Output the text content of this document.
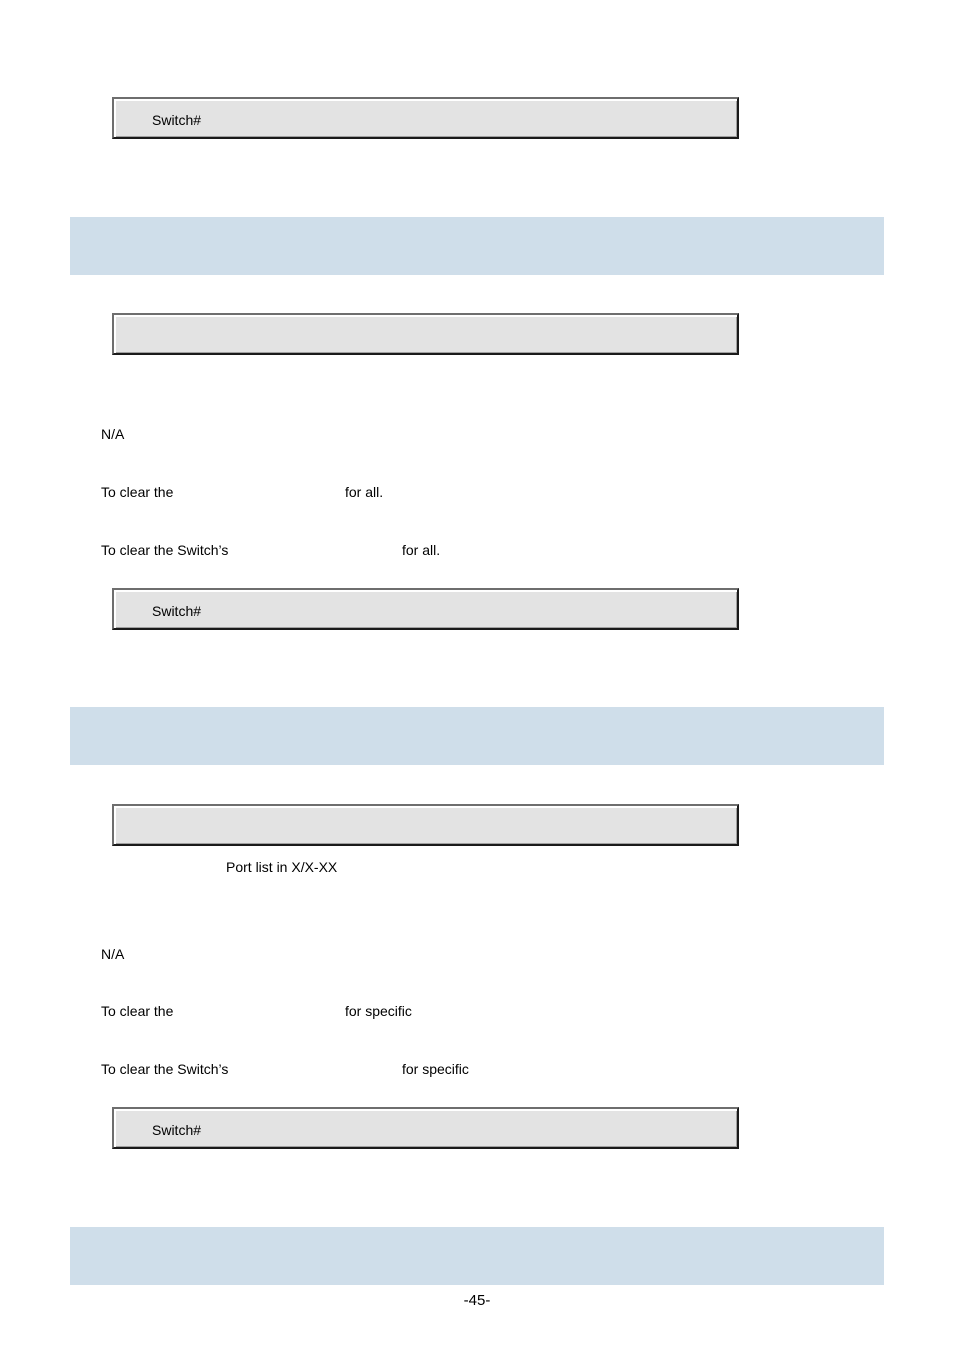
Switch#
N/A
To clear the	for all.
To clear the Switch’s	for all.
Switch#
Port list in X/X-XX
N/A
To clear the	for specific
To clear the Switch’s	for specific
Switch#
-45-
